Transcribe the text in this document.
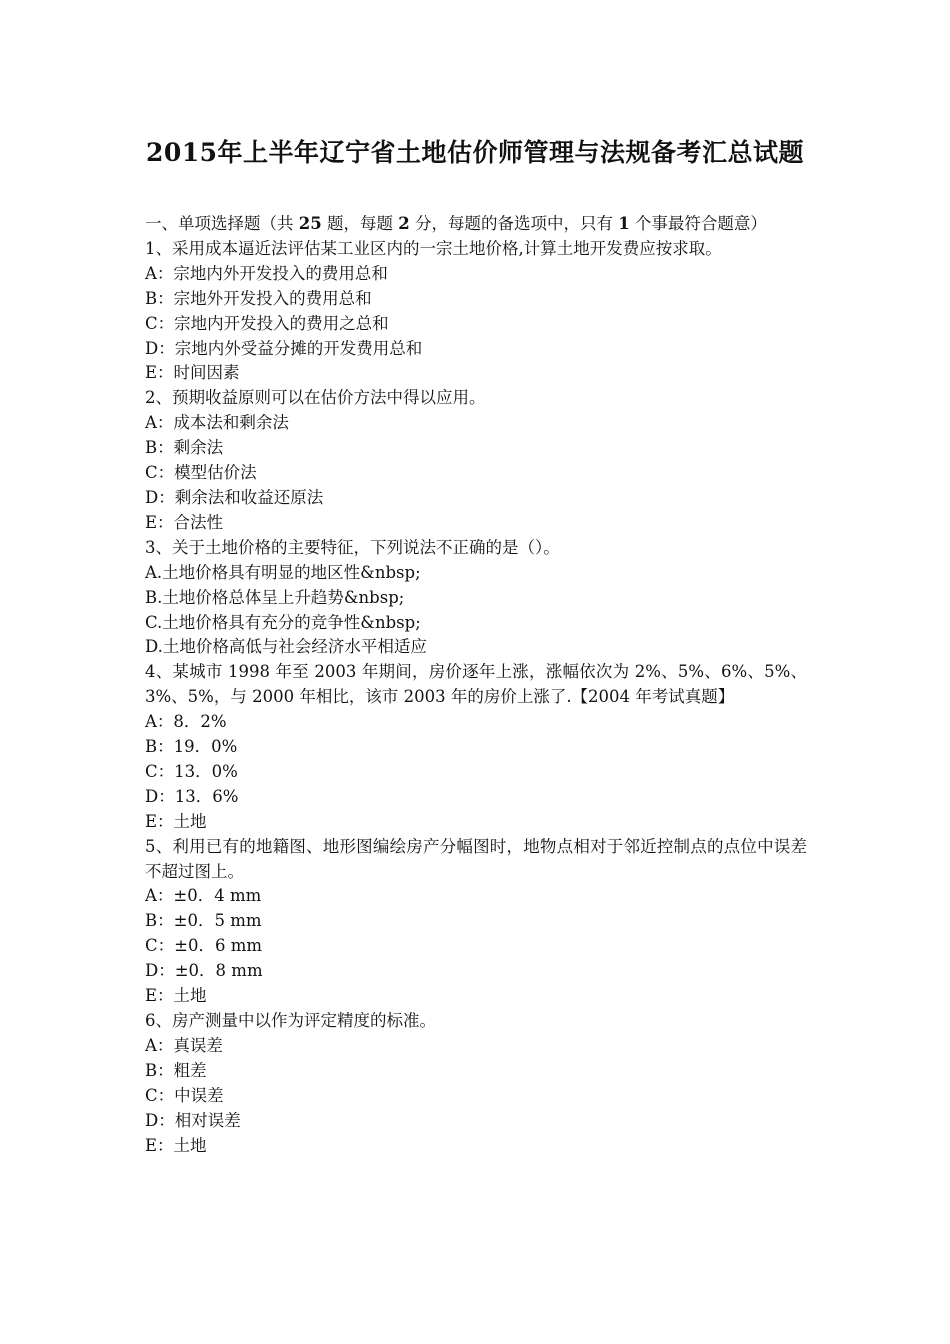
2015年上半年辽宁省土地估价师管理与法规备考汇总试题
一、单项选择题（共 25 题，每题 2 分，每题的备选项中，只有 1 个事最符合题意）
1、采用成本逼近法评估某工业区内的一宗土地价格,计算土地开发费应按求取。
A：宗地内外开发投入的费用总和
B：宗地外开发投入的费用总和
C：宗地内开发投入的费用之总和
D：宗地内外受益分摊的开发费用总和
E：时间因素
2、预期收益原则可以在估价方法中得以应用。
A：成本法和剩余法
B：剩余法
C：模型估价法
D：剩余法和收益还原法
E：合法性
3、关于土地价格的主要特征，下列说法不正确的是（）。
A.土地价格具有明显的地区性&nbsp;
B.土地价格总体呈上升趋势&nbsp;
C.土地价格具有充分的竞争性&nbsp;
D.土地价格高低与社会经济水平相适应
4、某城市 1998 年至 2003 年期间，房价逐年上涨，涨幅依次为 2%、5%、6%、5%、3%、5%，与 2000 年相比，该市 2003 年的房价上涨了.【2004 年考试真题】
A：8．2%
B：19．0%
C：13．0%
D：13．6%
E：土地
5、利用已有的地籍图、地形图编绘房产分幅图时，地物点相对于邻近控制点的点位中误差不超过图上。
A：±0．4 mm
B：±0．5 mm
C：±0．6 mm
D：±0．8 mm
E：土地
6、房产测量中以作为评定精度的标准。
A：真误差
B：粗差
C：中误差
D：相对误差
E：土地
